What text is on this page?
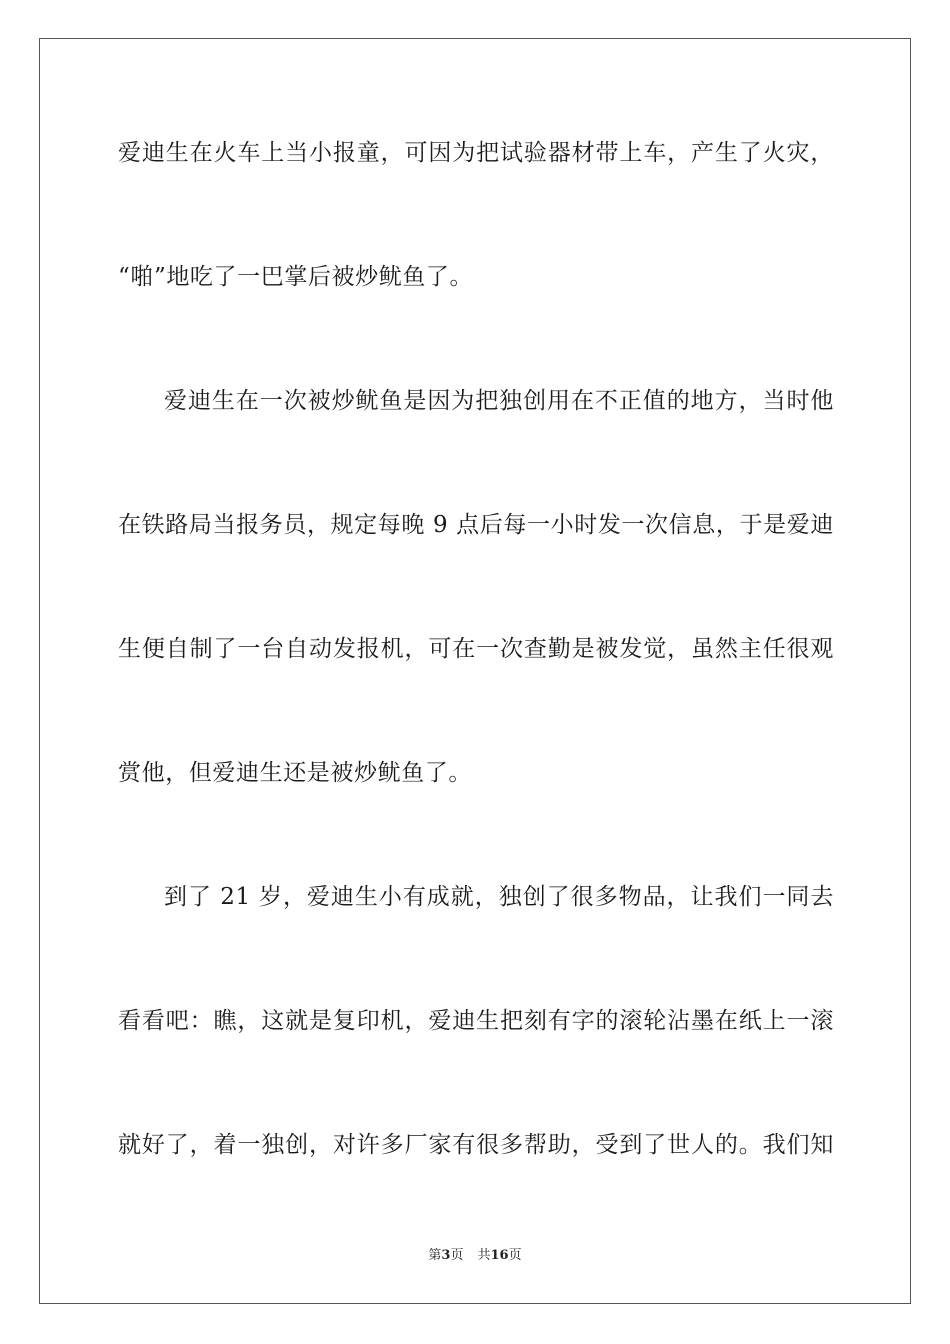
爱迪生在火车上当小报童，可因为把试验器材带上车，产生了火灾，
“啪”地吃了一巴掌后被炒鱿鱼了。
爱迪生在一次被炒鱿鱼是因为把独创用在不正值的地方，当时他
在铁路局当报务员，规定每晚 9 点后每一小时发一次信息，于是爱迪
生便自制了一台自动发报机，可在一次查勤是被发觉，虽然主任很观
赏他，但爱迪生还是被炒鱿鱼了。
到了 21 岁，爱迪生小有成就，独创了很多物品，让我们一同去
看看吧：瞧，这就是复印机，爱迪生把刻有字的滚轮沾墨在纸上一滚
就好了，着一独创，对许多厂家有很多帮助，受到了世人的。我们知
第3页 共16页
